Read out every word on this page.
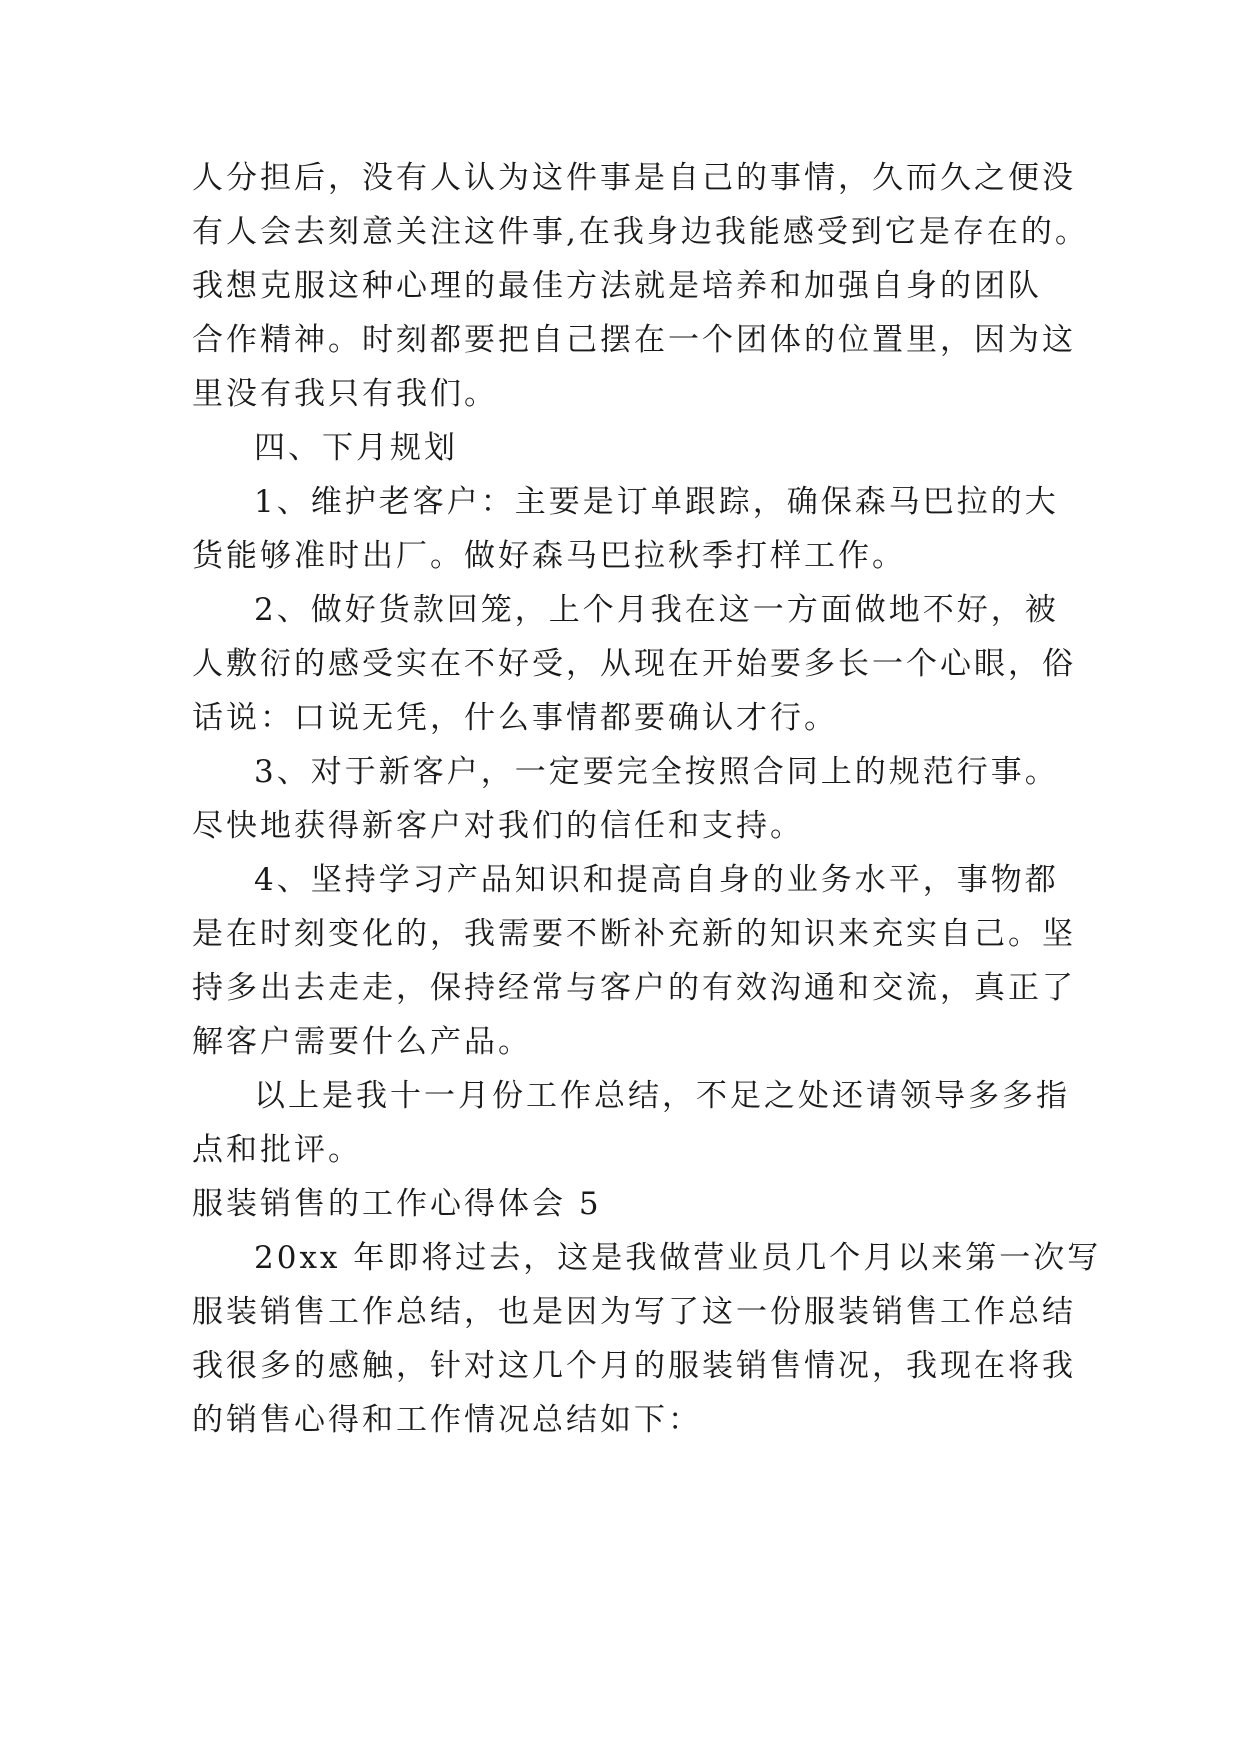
人分担后，没有人认为这件事是自己的事情，久而久之便没
有人会去刻意关注这件事,在我身边我能感受到它是存在的。
我想克服这种心理的最佳方法就是培养和加强自身的团队
合作精神。时刻都要把自己摆在一个团体的位置里，因为这
里没有我只有我们。
四、下月规划
1、维护老客户：主要是订单跟踪，确保森马巴拉的大
货能够准时出厂。做好森马巴拉秋季打样工作。
2、做好货款回笼，上个月我在这一方面做地不好，被
人敷衍的感受实在不好受，从现在开始要多长一个心眼，俗
话说：口说无凭，什么事情都要确认才行。
3、对于新客户，一定要完全按照合同上的规范行事。
尽快地获得新客户对我们的信任和支持。
4、坚持学习产品知识和提高自身的业务水平，事物都
是在时刻变化的，我需要不断补充新的知识来充实自己。坚
持多出去走走，保持经常与客户的有效沟通和交流，真正了
解客户需要什么产品。
以上是我十一月份工作总结，不足之处还请领导多多指
点和批评。
服装销售的工作心得体会 5
20xx 年即将过去，这是我做营业员几个月以来第一次写
服装销售工作总结，也是因为写了这一份服装销售工作总结
我很多的感触，针对这几个月的服装销售情况，我现在将我
的销售心得和工作情况总结如下：
